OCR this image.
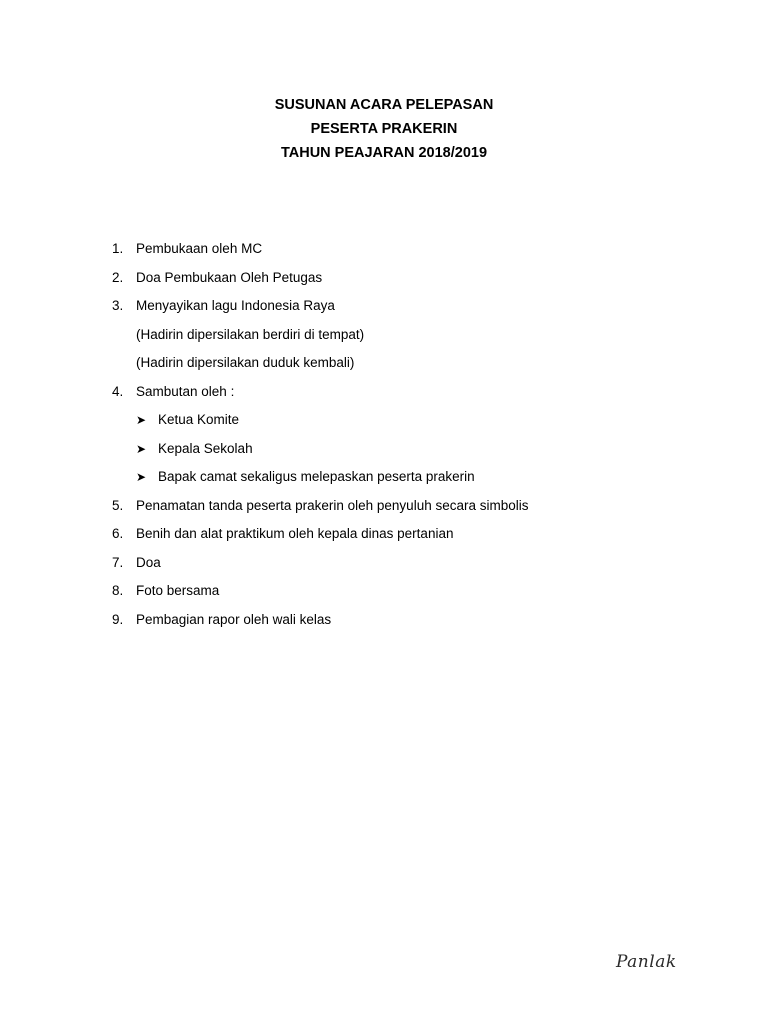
SUSUNAN ACARA PELEPASAN
PESERTA PRAKERIN
TAHUN PEAJARAN 2018/2019
1. Pembukaan oleh MC
2. Doa Pembukaan Oleh Petugas
3. Menyayikan lagu Indonesia Raya
(Hadirin dipersilakan berdiri di tempat)
(Hadirin dipersilakan duduk kembali)
4. Sambutan oleh :
➤ Ketua Komite
➤ Kepala Sekolah
➤ Bapak camat sekaligus melepaskan peserta prakerin
5. Penamatan tanda peserta prakerin oleh penyuluh secara simbolis
6. Benih dan alat praktikum oleh kepala dinas pertanian
7. Doa
8. Foto bersama
9. Pembagian rapor oleh wali kelas
Panlak
